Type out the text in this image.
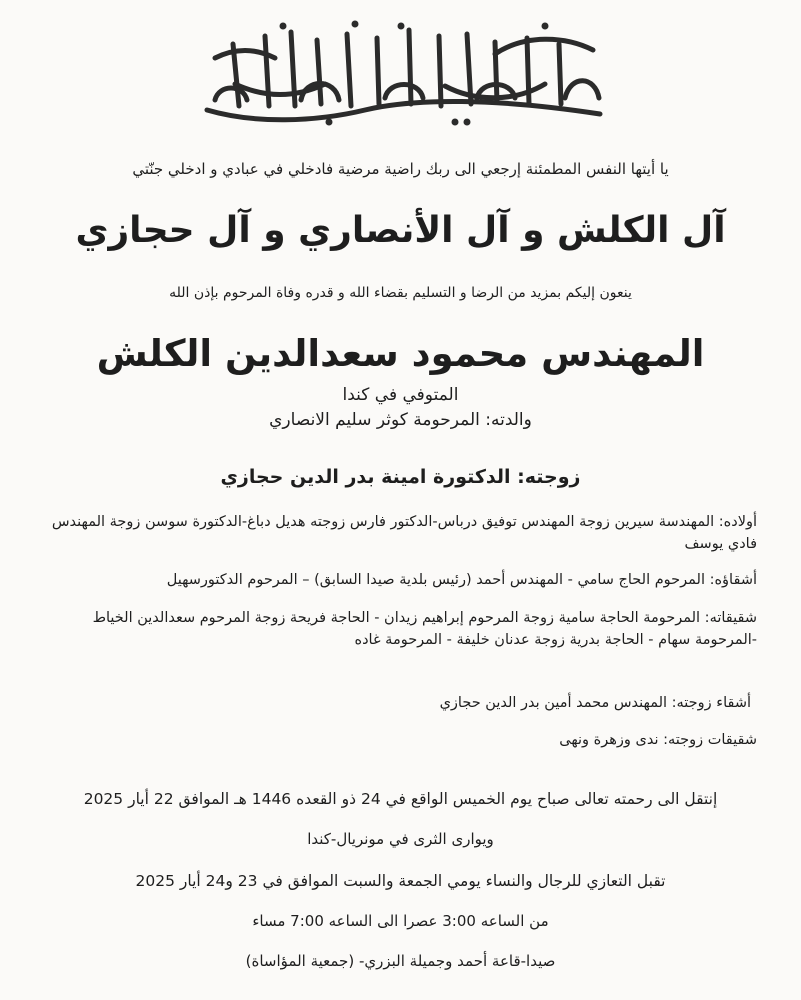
يا أيتها النفس المطمئنة إرجعي الى ربك راضية مرضية فادخلي في عبادي و ادخلي جنّتي
آل الكلش و آل الأنصاري و آل حجازي
ينعون إليكم بمزيد من الرضا و التسليم بقضاء الله و قدره وفاة المرحوم بإذن الله
المهندس محمود سعدالدين الكلش
المتوفي في كندا
والدته: المرحومة كوثر سليم الانصاري
زوجته: الدكتورة امينة بدر الدين حجازي
أولاده: المهندسة سيرين زوجة المهندس توفيق درباس-الدكتور فارس زوجته هديل دباغ-الدكتورة سوسن زوجة المهندس فادي يوسف
أشقاؤه: المرحوم الحاج سامي - المهندس أحمد (رئيس بلدية صيدا السابق) – المرحوم الدكتورسهيل
شقيقاته: المرحومة الحاجة سامية زوجة المرحوم إبراهيم زيدان - الحاجة فريحة زوجة المرحوم سعدالدين الخياط -المرحومة سهام - الحاجة بدرية زوجة عدنان خليفة - المرحومة غاده
أشقاء زوجته: المهندس محمد أمين بدر الدين حجازي
شقيقات زوجته: ندى وزهرة ونهى
إنتقل الى رحمته تعالى صباح يوم الخميس الواقع في 24 ذو القعده 1446 هـ الموافق 22 أيار 2025
ويوارى الثرى في مونريال-كندا
تقبل التعازي للرجال والنساء يومي الجمعة والسبت الموافق في 23 و24 أيار 2025
من الساعه 3:00 عصرا الى الساعه 7:00 مساء
صيدا-قاعة أحمد وجميلة البزري- (جمعية المؤاساة)
